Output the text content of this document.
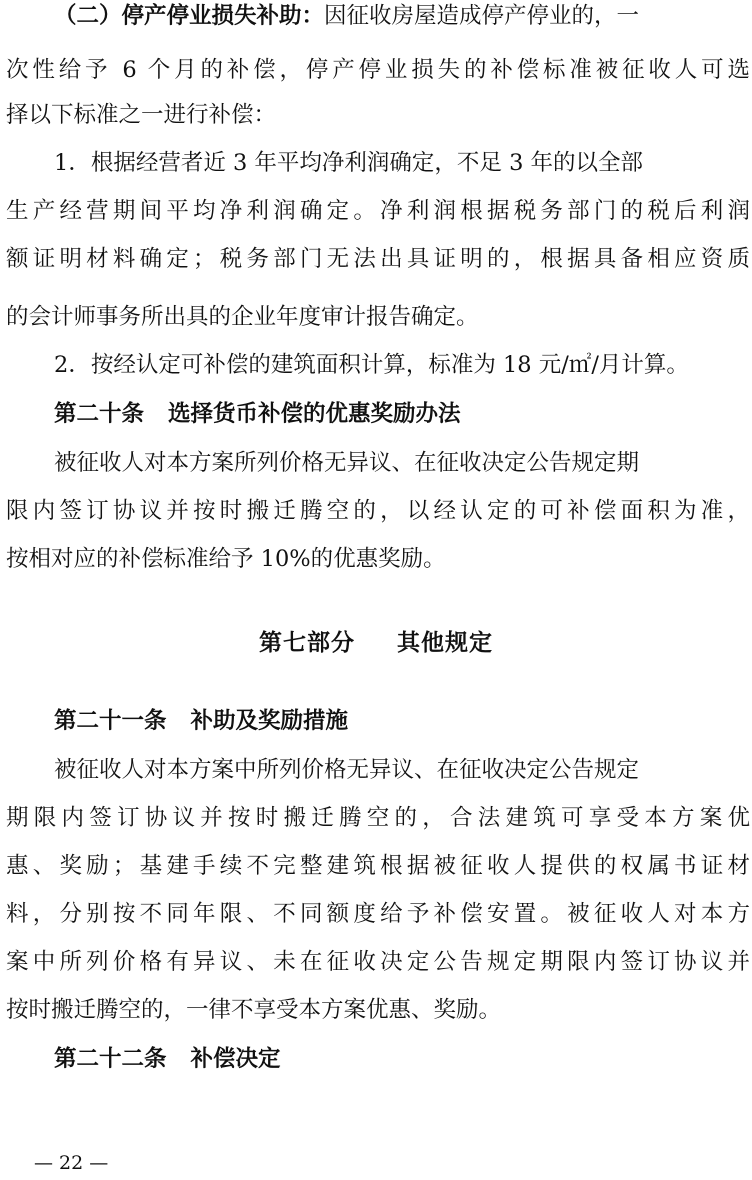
（二）停产停业损失补助：因征收房屋造成停产停业的，一
次性给予 6 个月的补偿，停产停业损失的补偿标准被征收人可选
择以下标准之一进行补偿：
1．根据经营者近 3 年平均净利润确定，不足 3 年的以全部
生产经营期间平均净利润确定。净利润根据税务部门的税后利润
额证明材料确定；税务部门无法出具证明的，根据具备相应资质
的会计师事务所出具的企业年度审计报告确定。
2．按经认定可补偿的建筑面积计算，标准为 18 元/㎡/月计算。
第二十条 选择货币补偿的优惠奖励办法
被征收人对本方案所列价格无异议、在征收决定公告规定期
限内签订协议并按时搬迁腾空的，以经认定的可补偿面积为准，
按相对应的补偿标准给予 10%的优惠奖励。
第七部分 其他规定
第二十一条 补助及奖励措施
被征收人对本方案中所列价格无异议、在征收决定公告规定
期限内签订协议并按时搬迁腾空的，合法建筑可享受本方案优
惠、奖励；基建手续不完整建筑根据被征收人提供的权属书证材
料，分别按不同年限、不同额度给予补偿安置。被征收人对本方
案中所列价格有异议、未在征收决定公告规定期限内签订协议并
按时搬迁腾空的，一律不享受本方案优惠、奖励。
第二十二条 补偿决定
— 22 —
